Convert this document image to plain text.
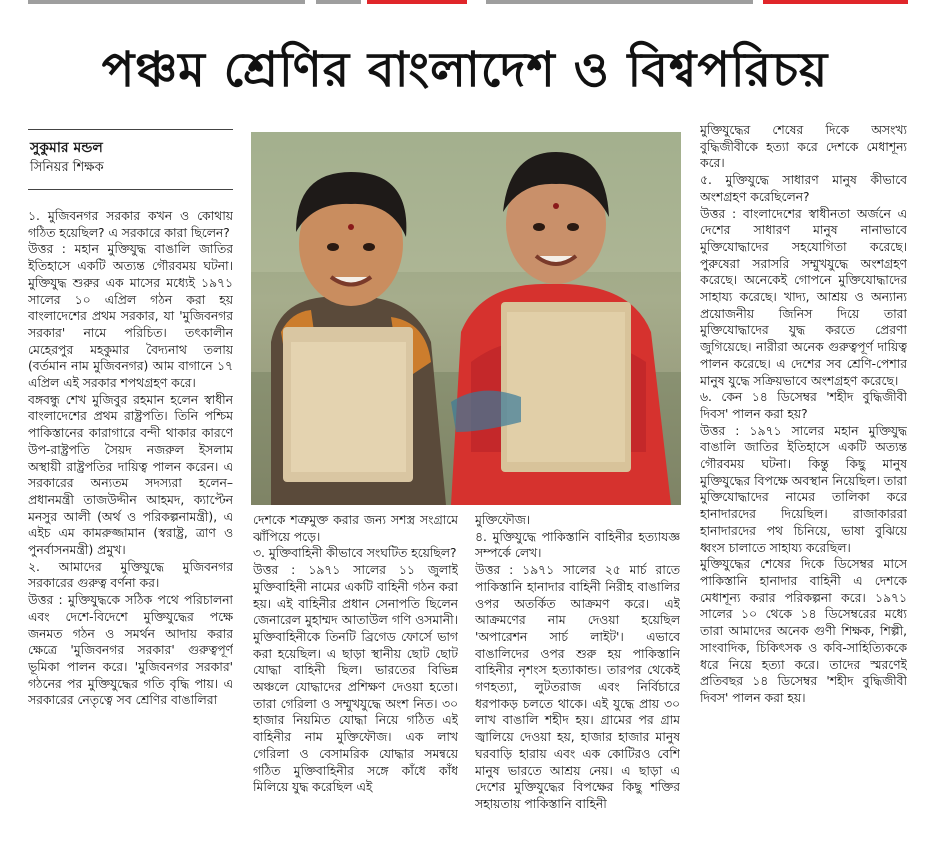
পঞ্চম শ্রেণির বাংলাদেশ ও বিশ্বপরিচয়
সুকুমার মন্ডল
সিনিয়র শিক্ষক

১. মুজিবনগর সরকার কখন ও কোথায় গঠিত হয়েছিল? এ সরকারে কারা ছিলেন?

উত্তর : মহান মুক্তিযুদ্ধ বাঙালি জাতির ইতিহাসে একটি অত্যন্ত গৌরবময় ঘটনা। মুক্তিযুদ্ধ শুরুর এক মাসের মধ্যেই ১৯৭১ সালের ১০ এপ্রিল গঠন করা হয় বাংলাদেশের প্রথম সরকার, যা 'মুজিবনগর সরকার' নামে পরিচিত। তৎকালীন মেহেরপুর মহকুমার বৈদ্যনাথ তলায় (বর্তমান নাম মুজিবনগর) আম বাগানে ১৭ এপ্রিল এই সরকার শপথগ্রহণ করে।

বঙ্গবন্ধু শেখ মুজিবুর রহমান হলেন স্বাধীন বাংলাদেশের প্রথম রাষ্ট্রপতি। তিনি পশ্চিম পাকিস্তানের কারাগারে বন্দী থাকার কারণে উপ-রাষ্ট্রপতি সৈয়দ নজরুল ইসলাম অস্থায়ী রাষ্ট্রপতির দায়িত্ব পালন করেন। এ সরকারের অন্যতম সদস্যরা হলেন–প্রধানমন্ত্রী তাজউদ্দীন আহমদ, ক্যাপ্টেন মনসুর আলী (অর্থ ও পরিকল্পনামন্ত্রী), এ এইচ এম কামরুজ্জামান (স্বরাষ্ট্র, ত্রাণ ও পুনর্বাসনমন্ত্রী) প্রমুখ।

২. আমাদের মুক্তিযুদ্ধে মুজিবনগর সরকারের গুরুত্ব বর্ণনা কর।

উত্তর : মুক্তিযুদ্ধকে সঠিক পথে পরিচালনা এবং দেশে-বিদেশে মুক্তিযুদ্ধের পক্ষে জনমত গঠন ও সমর্থন আদায় করার ক্ষেত্রে 'মুজিবনগর সরকার' গুরুত্বপূর্ণ ভূমিকা পালন করে। 'মুজিবনগর সরকার' গঠনের পর মুক্তিযুদ্ধের গতি বৃদ্ধি পায়। এ সরকারের নেতৃত্বে সব শ্রেণির বাঙালিরা

দেশকে শত্রুমুক্ত করার জন্য সশস্ত্র সংগ্রামে ঝাঁপিয়ে পড়ে।

৩. মুক্তিবাহিনী কীভাবে সংঘটিত হয়েছিল?

উত্তর : ১৯৭১ সালের ১১ জুলাই মুক্তিবাহিনী নামের একটি বাহিনী গঠন করা হয়। এই বাহিনীর প্রধান সেনাপতি ছিলেন জেনারেল মুহাম্মদ আতাউল গণি ওসমানী। মুক্তিবাহিনীকে তিনটি ব্রিগেড ফোর্সে ভাগ করা হয়েছিল। এ ছাড়া স্থানীয় ছোট ছোট যোদ্ধা বাহিনী ছিল। ভারতের বিভিন্ন অঞ্চলে যোদ্ধাদের প্রশিক্ষণ দেওয়া হতো। তারা গেরিলা ও সম্মুখযুদ্ধে অংশ নিত। ৩০ হাজার নিয়মিত যোদ্ধা নিয়ে গঠিত এই বাহিনীর নাম মুক্তিফৌজ। এক লাখ গেরিলা ও বেসামরিক যোদ্ধার সমন্বয়ে গঠিত মুক্তিবাহিনীর সঙ্গে কাঁধে কাঁধ মিলিয়ে যুদ্ধ করেছিল এই

মুক্তিফৌজ।

৪. মুক্তিযুদ্ধে পাকিস্তানি বাহিনীর হত্যাযজ্ঞ সম্পর্কে লেখ।

উত্তর : ১৯৭১ সালের ২৫ মার্চ রাতে পাকিস্তানি হানাদার বাহিনী নিরীহ বাঙালির ওপর অতর্কিত আক্রমণ করে। এই আক্রমণের নাম দেওয়া হয়েছিল 'অপারেশন সার্চ লাইট'। এভাবে বাঙালিদের ওপর শুরু হয় পাকিস্তানি বাহিনীর নৃশংস হত্যাকান্ড। তারপর থেকেই গণহত্যা, লুটতরাজ এবং নির্বিচারে ধরপাকড় চলতে থাকে। এই যুদ্ধে প্রায় ৩০ লাখ বাঙালি শহীদ হয়। গ্রামের পর গ্রাম জ্বালিয়ে দেওয়া হয়, হাজার হাজার মানুষ ঘরবাড়ি হারায় এবং এক কোটিরও বেশি মানুষ ভারতে আশ্রয় নেয়। এ ছাড়া এ দেশের মুক্তিযুদ্ধের বিপক্ষের কিছু শক্তির সহায়তায় পাকিস্তানি বাহিনী

মুক্তিযুদ্ধের শেষের দিকে অসংখ্য বুদ্ধিজীবীকে হত্যা করে দেশকে মেধাশূন্য করে।

৫. মুক্তিযুদ্ধে সাধারণ মানুষ কীভাবে অংশগ্রহণ করেছিলেন?

উত্তর : বাংলাদেশের স্বাধীনতা অর্জনে এ দেশের সাধারণ মানুষ নানাভাবে মুক্তিযোদ্ধাদের সহযোগিতা করেছে। পুরুষেরা সরাসরি সম্মুখযুদ্ধে অংশগ্রহণ করেছে। অনেকেই গোপনে মুক্তিযোদ্ধাদের সাহায্য করেছে। খাদ্য, আশ্রয় ও অন্যান্য প্রয়োজনীয় জিনিস দিয়ে তারা মুক্তিযোদ্ধাদের যুদ্ধ করতে প্রেরণা জুগিয়েছে। নারীরা অনেক গুরুত্বপূর্ণ দায়িত্ব পালন করেছে। এ দেশের সব শ্রেণি-পেশার মানুষ যুদ্ধে সক্রিয়ভাবে অংশগ্রহণ করেছে।

৬. কেন ১৪ ডিসেম্বর 'শহীদ বুদ্ধিজীবী দিবস' পালন করা হয়?

উত্তর : ১৯৭১ সালের মহান মুক্তিযুদ্ধ বাঙালি জাতির ইতিহাসে একটি অত্যন্ত গৌরবময় ঘটনা। কিন্তু কিছু মানুষ মুক্তিযুদ্ধের বিপক্ষে অবস্থান নিয়েছিল। তারা মুক্তিযোদ্ধাদের নামের তালিকা করে হানাদারদের দিয়েছিল। রাজাকাররা হানাদারদের পথ চিনিয়ে, ভাষা বুঝিয়ে ধ্বংস চালাতে সাহায্য করেছিল।

মুক্তিযুদ্ধের শেষের দিকে ডিসেম্বর মাসে পাকিস্তানি হানাদার বাহিনী এ দেশকে মেধাশূন্য করার পরিকল্পনা করে। ১৯৭১ সালের ১০ থেকে ১৪ ডিসেম্বরের মধ্যে তারা আমাদের অনেক গুণী শিক্ষক, শিল্পী, সাংবাদিক, চিকিৎসক ও কবি-সাহিত্যিককে ধরে নিয়ে হত্যা করে। তাদের স্মরণেই প্রতিবছর ১৪ ডিসেম্বর 'শহীদ বুদ্ধিজীবী দিবস' পালন করা হয়।
